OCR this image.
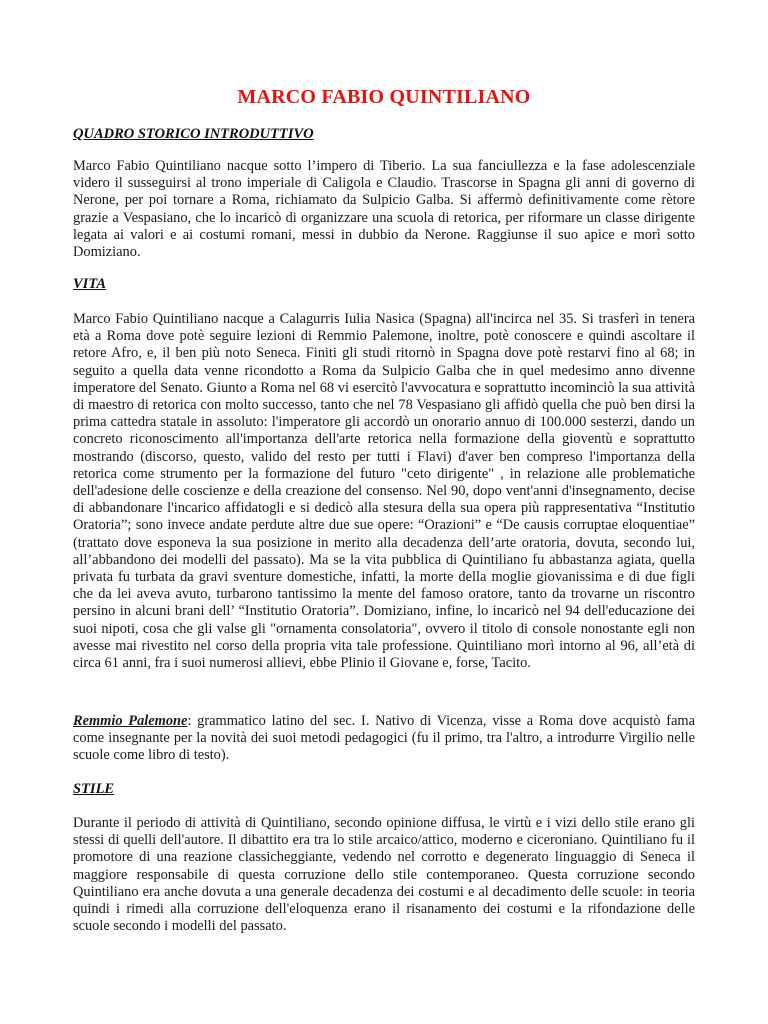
MARCO FABIO QUINTILIANO
QUADRO STORICO INTRODUTTIVO
Marco Fabio Quintiliano nacque sotto l’impero di Tiberio. La sua fanciullezza e la fase adolescenziale videro il susseguirsi al trono imperiale di Caligola e Claudio. Trascorse in Spagna gli anni di governo di Nerone, per poi tornare a Roma, richiamato da Sulpicio Galba. Si affermò definitivamente come rètore grazie a Vespasiano, che lo incaricò di organizzare una scuola di retorica, per riformare un classe dirigente legata ai valori e ai costumi romani, messi in dubbio da Nerone. Raggiunse il suo apice e morì sotto Domiziano.
VITA
Marco Fabio Quintiliano nacque a Calagurris Iulia Nasica (Spagna) all'incirca nel 35. Si trasferì in tenera età a Roma dove potè seguire lezioni di Remmio Palemone, inoltre, potè conoscere e quindi ascoltare il retore Afro, e, il ben più noto Seneca. Finiti gli studi ritornò in Spagna dove potè restarvi fino al 68; in seguito a quella data venne ricondotto a Roma da Sulpicio Galba che in quel medesimo anno divenne imperatore del Senato. Giunto a Roma nel 68 vi esercitò l'avvocatura e soprattutto incominciò la sua attività di maestro di retorica con molto successo, tanto che nel 78 Vespasiano gli affidò quella che può ben dirsi la prima cattedra statale in assoluto: l'imperatore gli accordò un onorario annuo di 100.000 sesterzi, dando un concreto riconoscimento all'importanza dell'arte retorica nella formazione della gioventù e soprattutto mostrando (discorso, questo, valido del resto per tutti i Flavi) d'aver ben compreso l'importanza della retorica come strumento per la formazione del futuro "ceto dirigente" , in relazione alle problematiche dell'adesione delle coscienze e della creazione del consenso. Nel 90, dopo vent'anni d'insegnamento, decise di abbandonare l'incarico affidatogli e si dedicò alla stesura della sua opera più rappresentativa “Institutio Oratoria”; sono invece andate perdute altre due sue opere: “Orazioni” e “De causis corruptae eloquentiae” (trattato dove esponeva la sua posizione in merito alla decadenza dell’arte oratoria, dovuta, secondo lui, all’abbandono dei modelli del passato). Ma se la vita pubblica di Quintiliano fu abbastanza agiata, quella privata fu turbata da gravi sventure domestiche, infatti, la morte della moglie giovanissima e di due figli che da lei aveva avuto, turbarono tantissimo la mente del famoso oratore, tanto da trovarne un riscontro persino in alcuni brani dell’ “Institutio Oratoria”. Domiziano, infine, lo incaricò nel 94 dell'educazione dei suoi nipoti, cosa che gli valse gli "ornamenta consolatoria", ovvero il titolo di console nonostante egli non avesse mai rivestito nel corso della propria vita tale professione. Quintiliano morì intorno al 96, all’età di circa 61 anni, fra i suoi numerosi allievi, ebbe Plinio il Giovane e, forse, Tacito.
Remmio Palemone: grammatico latino del sec. I. Nativo di Vicenza, visse a Roma dove acquistò fama come insegnante per la novità dei suoi metodi pedagogici (fu il primo, tra l'altro, a introdurre Virgilio nelle scuole come libro di testo).
STILE
Durante il periodo di attività di Quintiliano, secondo opinione diffusa, le virtù e i vizi dello stile erano gli stessi di quelli dell'autore. Il dibattito era tra lo stile arcaico/attico, moderno e ciceroniano. Quintiliano fu il promotore di una reazione classicheggiante, vedendo nel corrotto e degenerato linguaggio di Seneca il maggiore responsabile di questa corruzione dello stile contemporaneo. Questa corruzione secondo Quintiliano era anche dovuta a una generale decadenza dei costumi e al decadimento delle scuole: in teoria quindi i rimedi alla corruzione dell'eloquenza erano il risanamento dei costumi e la rifondazione delle scuole secondo i modelli del passato.
